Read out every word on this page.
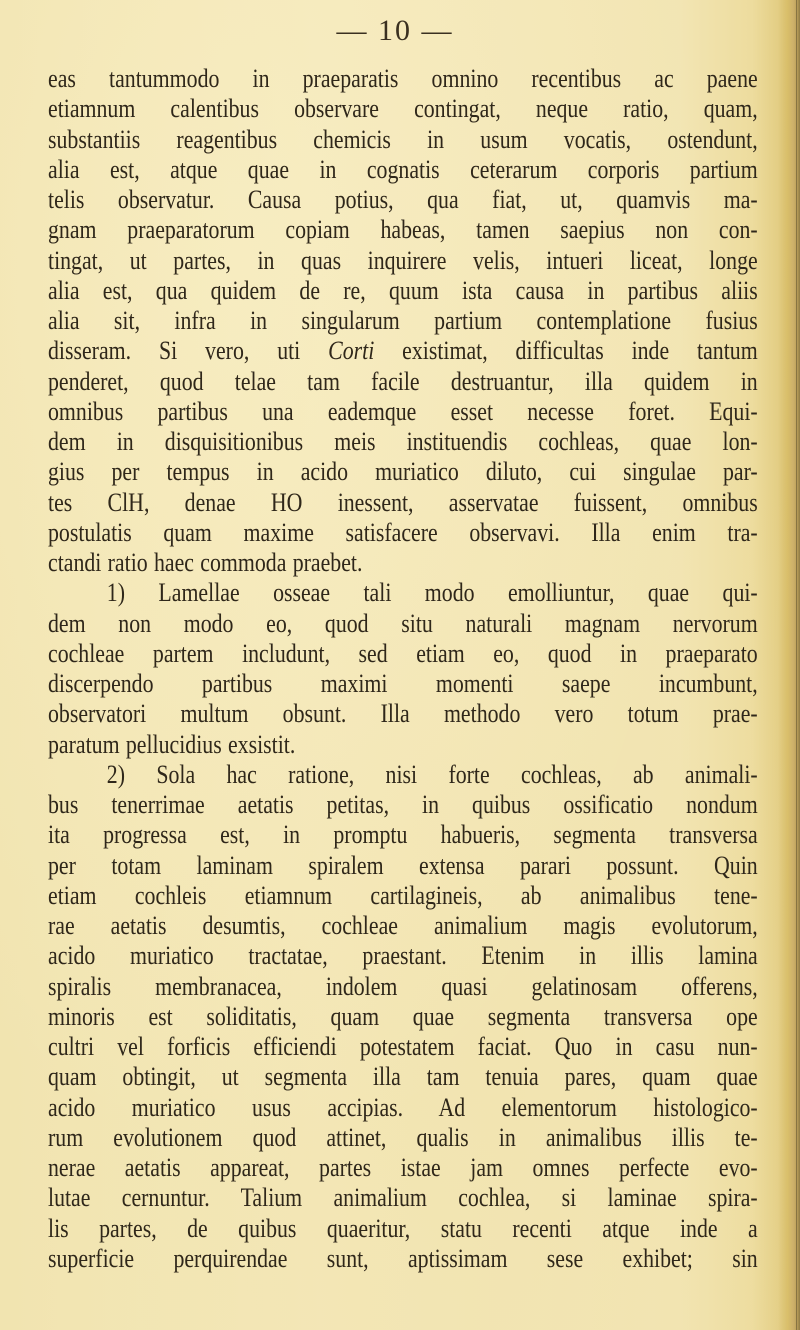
— 10 —
eas tantummodo in praeparatis omnino recentibus ac paene
etiamnum calentibus observare contingat, neque ratio, quam,
substantiis reagentibus chemicis in usum vocatis, ostendunt,
alia est, atque quae in cognatis ceterarum corporis partium
telis observatur. Causa potius, qua fiat, ut, quamvis ma-
gnam praeparatorum copiam habeas, tamen saepius non con-
tingat, ut partes, in quas inquirere velis, intueri liceat, longe
alia est, qua quidem de re, quum ista causa in partibus aliis
alia sit, infra in singularum partium contemplatione fusius
disseram. Si vero, uti Corti existimat, difficultas inde tantum
penderet, quod telae tam facile destruantur, illa quidem in
omnibus partibus una eademque esset necesse foret. Equi-
dem in disquisitionibus meis instituendis cochleas, quae lon-
gius per tempus in acido muriatico diluto, cui singulae par-
tes ClH, denae HO inessent, asservatae fuissent, omnibus
postulatis quam maxime satisfacere observavi. Illa enim tra-
ctandi ratio haec commoda praebet.
1) Lamellae osseae tali modo emolliuntur, quae qui-
dem non modo eo, quod situ naturali magnam nervorum
cochleae partem includunt, sed etiam eo, quod in praeparato
discerpendo partibus maximi momenti saepe incumbunt,
observatori multum obsunt. Illa methodo vero totum prae-
paratum pellucidius exsistit.
2) Sola hac ratione, nisi forte cochleas, ab animali-
bus tenerrimae aetatis petitas, in quibus ossificatio nondum
ita progressa est, in promptu habueris, segmenta transversa
per totam laminam spiralem extensa parari possunt. Quin
etiam cochleis etiamnum cartilagineis, ab animalibus tene-
rae aetatis desumtis, cochleae animalium magis evolutorum,
acido muriatico tractatae, praestant. Etenim in illis lamina
spiralis membranacea, indolem quasi gelatinosam offerens,
minoris est soliditatis, quam quae segmenta transversa ope
cultri vel forficis efficiendi potestatem faciat. Quo in casu nun-
quam obtingit, ut segmenta illa tam tenuia pares, quam quae
acido muriatico usus accipias. Ad elementorum histologico-
rum evolutionem quod attinet, qualis in animalibus illis te-
nerae aetatis appareat, partes istae jam omnes perfecte evo-
lutae cernuntur. Talium animalium cochlea, si laminae spira-
lis partes, de quibus quaeritur, statu recenti atque inde a
superficie perquirendae sunt, aptissimam sese exhibet; sin
